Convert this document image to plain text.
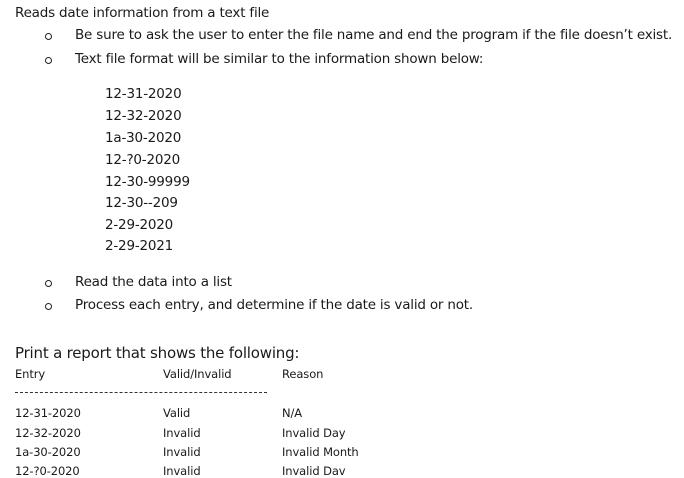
Reads date information from a text file
Be sure to ask the user to enter the file name and end the program if the file doesn’t exist.
Text file format will be similar to the information shown below:
12-31-2020
12-32-2020
1a-30-2020
12-?0-2020
12-30-99999
12-30--209
2-29-2020
2-29-2021
Read the data into a list
Process each entry, and determine if the date is valid or not.
Print a report that shows the following:
Entry	Valid/Invalid	Reason
12-31-2020	Valid	N/A
12-32-2020	Invalid	Invalid Day
1a-30-2020	Invalid	Invalid Month
12-?0-2020	Invalid	Invalid Dav
